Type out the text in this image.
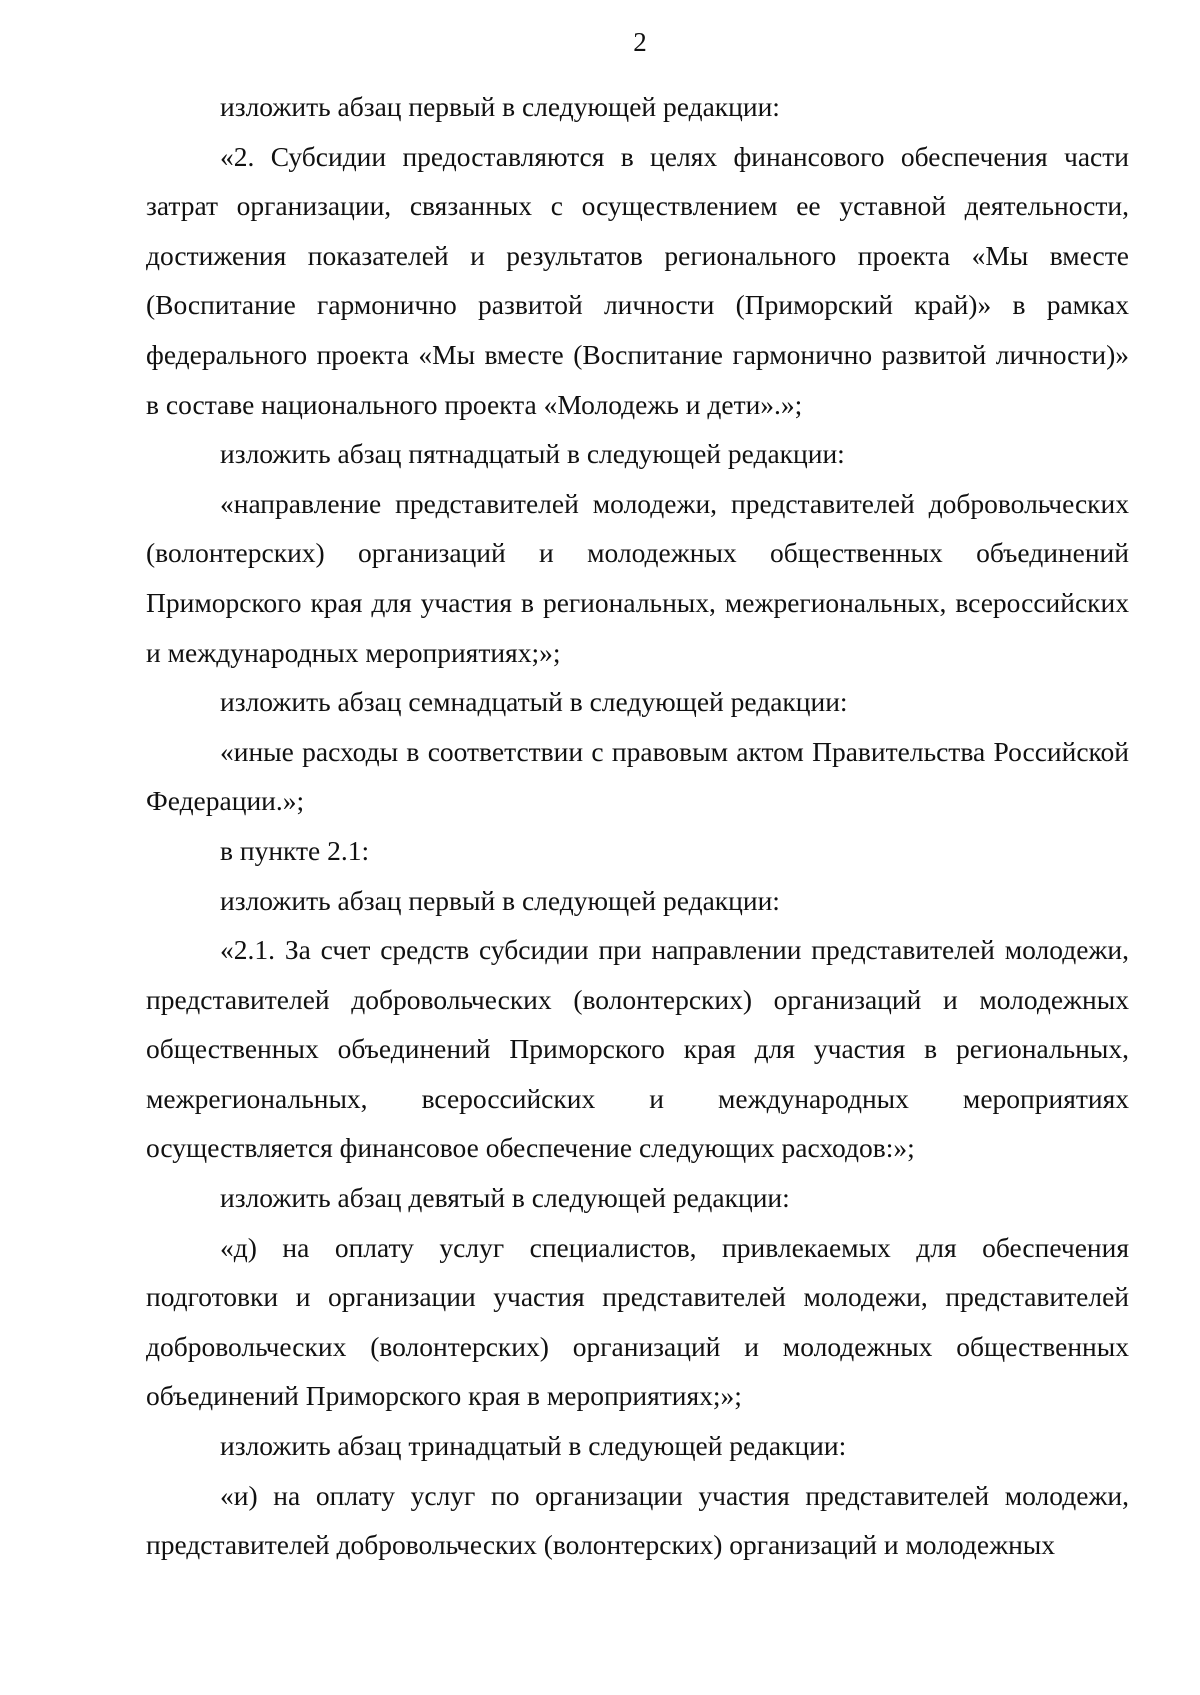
2

изложить абзац первый в следующей редакции:

«2. Субсидии предоставляются в целях финансового обеспечения части затрат организации, связанных с осуществлением ее уставной деятельности, достижения показателей и результатов регионального проекта «Мы вместе (Воспитание гармонично развитой личности (Приморский край)» в рамках федерального проекта «Мы вместе (Воспитание гармонично развитой личности)» в составе национального проекта «Молодежь и дети».»;

изложить абзац пятнадцатый в следующей редакции:

«направление представителей молодежи, представителей добровольческих (волонтерских) организаций и молодежных общественных объединений Приморского края для участия в региональных, межрегиональных, всероссийских и международных мероприятиях;»;

изложить абзац семнадцатый в следующей редакции:

«иные расходы в соответствии с правовым актом Правительства Российской Федерации.»;

в пункте 2.1:

изложить абзац первый в следующей редакции:

«2.1. За счет средств субсидии при направлении представителей молодежи, представителей добровольческих (волонтерских) организаций и молодежных общественных объединений Приморского края для участия в региональных, межрегиональных, всероссийских и международных мероприятиях осуществляется финансовое обеспечение следующих расходов:»;

изложить абзац девятый в следующей редакции:

«д) на оплату услуг специалистов, привлекаемых для обеспечения подготовки и организации участия представителей молодежи, представителей добровольческих (волонтерских) организаций и молодежных общественных объединений Приморского края в мероприятиях;»;

изложить абзац тринадцатый в следующей редакции:

«и) на оплату услуг по организации участия представителей молодежи, представителей добровольческих (волонтерских) организаций и молодежных
